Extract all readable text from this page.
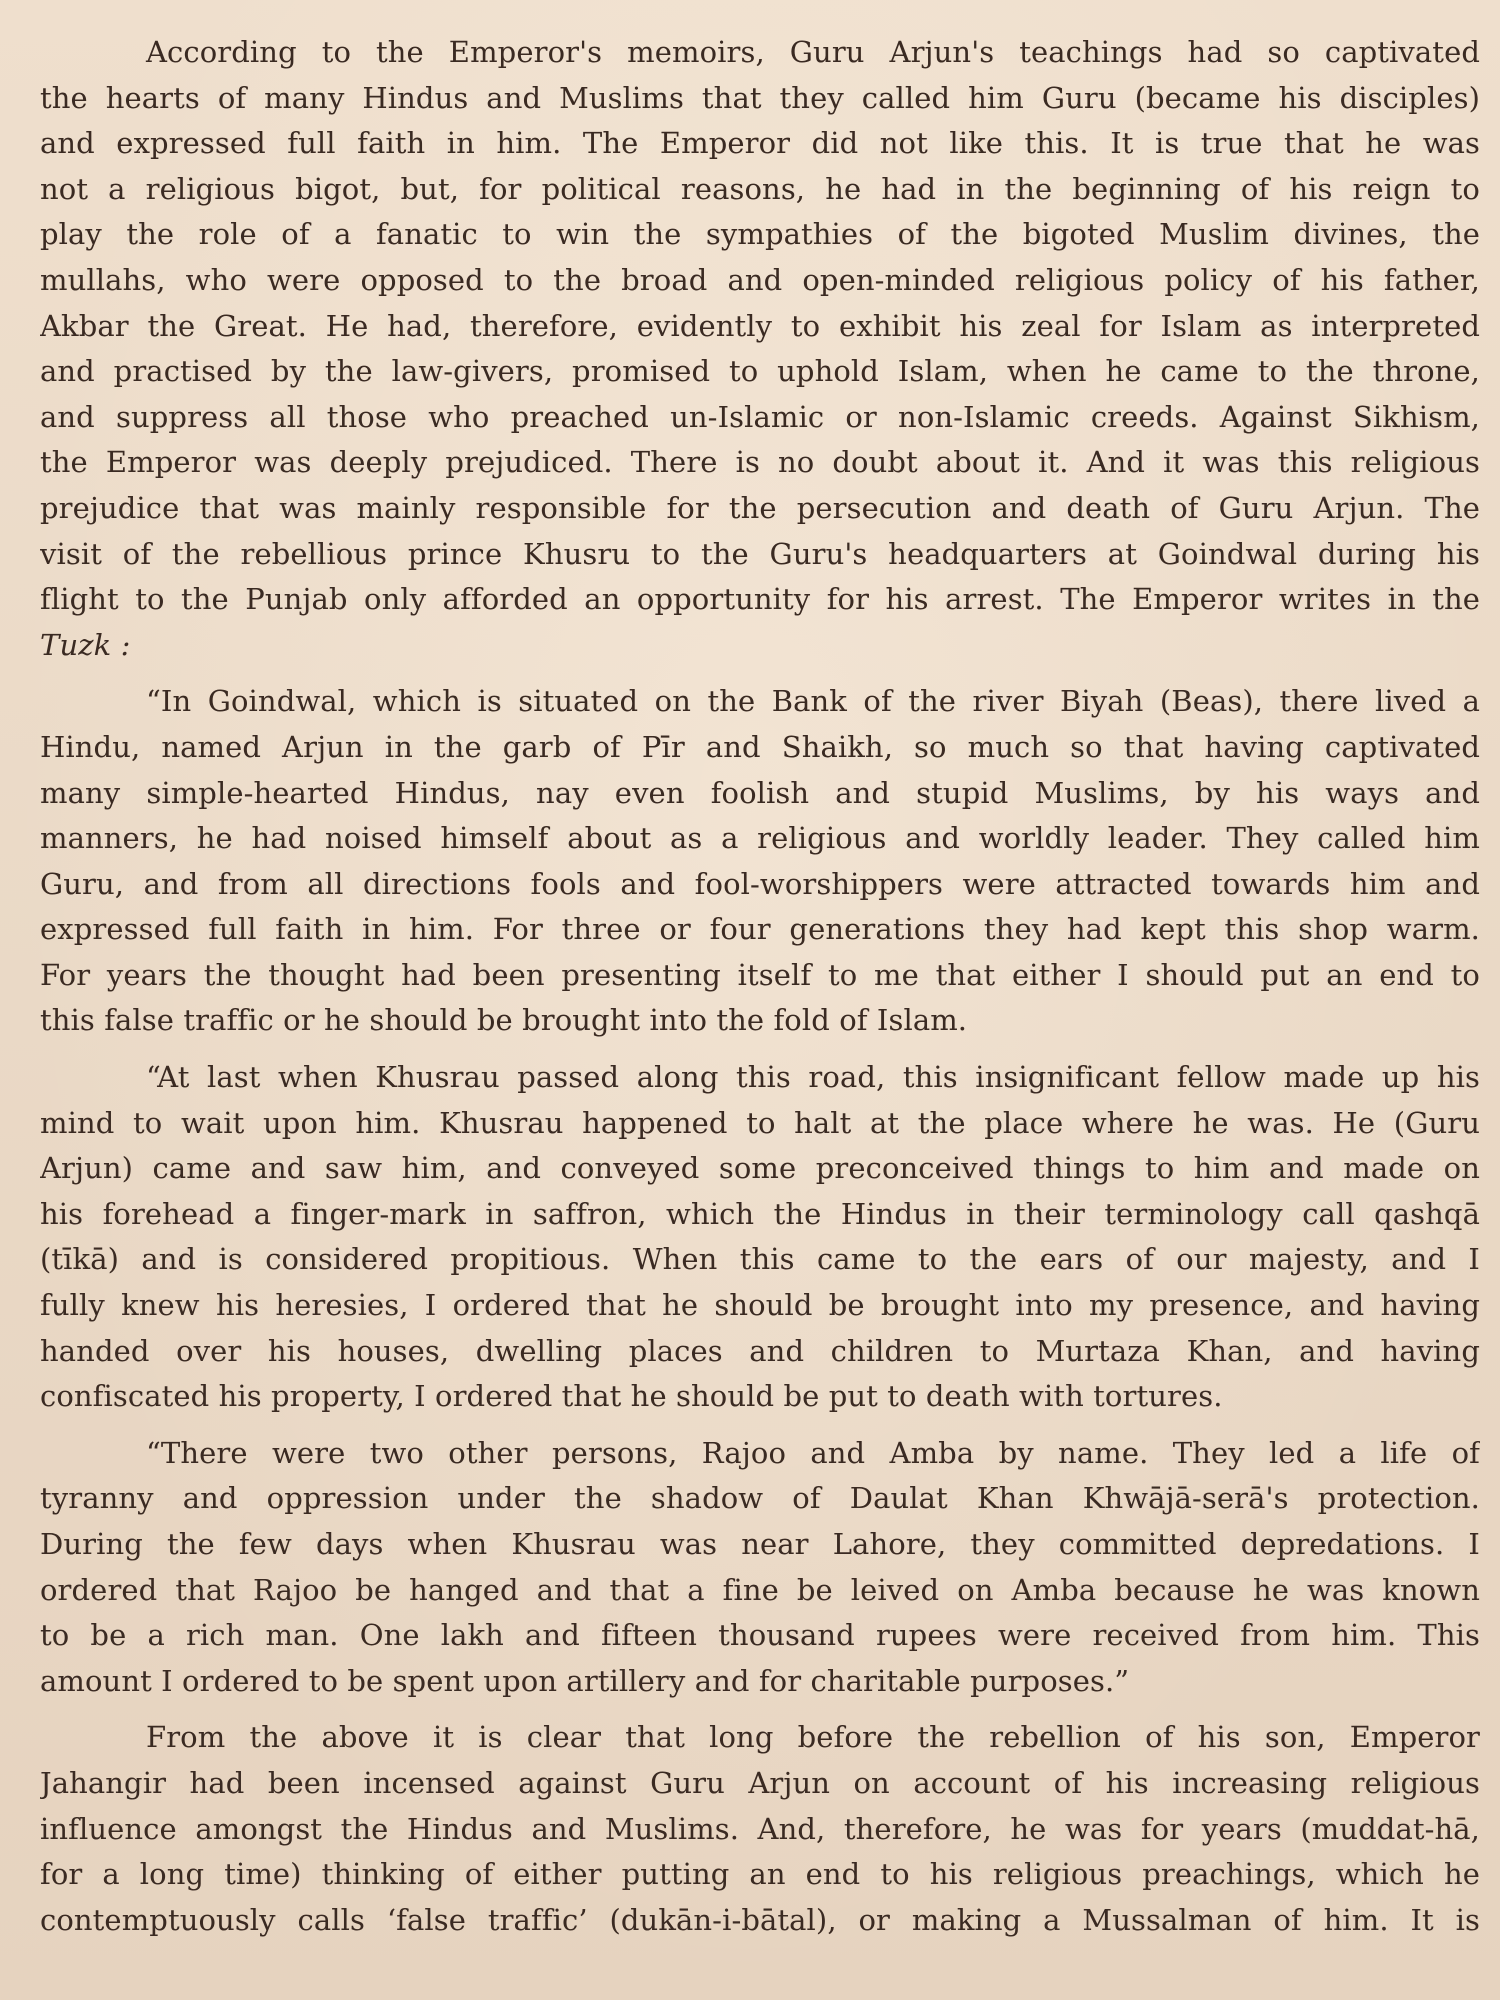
According to the Emperor's memoirs, Guru Arjun's teachings had so captivated
the hearts of many Hindus and Muslims that they called him Guru (became his disciples)
and expressed full faith in him. The Emperor did not like this. It is true that he was
not a religious bigot, but, for political reasons, he had in the beginning of his reign to
play the role of a fanatic to win the sympathies of the bigoted Muslim divines, the
mullahs, who were opposed to the broad and open-minded religious policy of his father,
Akbar the Great. He had, therefore, evidently to exhibit his zeal for Islam as interpreted
and practised by the law-givers, promised to uphold Islam, when he came to the throne,
and suppress all those who preached un-Islamic or non-Islamic creeds. Against Sikhism,
the Emperor was deeply prejudiced. There is no doubt about it. And it was this religious
prejudice that was mainly responsible for the persecution and death of Guru Arjun. The
visit of the rebellious prince Khusru to the Guru's headquarters at Goindwal during his
flight to the Punjab only afforded an opportunity for his arrest. The Emperor writes in the
Tuzk :
“In Goindwal, which is situated on the Bank of the river Biyah (Beas), there lived a
Hindu, named Arjun in the garb of Pīr and Shaikh, so much so that having captivated
many simple-hearted Hindus, nay even foolish and stupid Muslims, by his ways and
manners, he had noised himself about as a religious and worldly leader. They called him
Guru, and from all directions fools and fool-worshippers were attracted towards him and
expressed full faith in him. For three or four generations they had kept this shop warm.
For years the thought had been presenting itself to me that either I should put an end to
this false traffic or he should be brought into the fold of Islam.
“At last when Khusrau passed along this road, this insignificant fellow made up his
mind to wait upon him. Khusrau happened to halt at the place where he was. He (Guru
Arjun) came and saw him, and conveyed some preconceived things to him and made on
his forehead a finger-mark in saffron, which the Hindus in their terminology call qashqā
(tīkā) and is considered propitious. When this came to the ears of our majesty, and I
fully knew his heresies, I ordered that he should be brought into my presence, and having
handed over his houses, dwelling places and children to Murtaza Khan, and having
confiscated his property, I ordered that he should be put to death with tortures.
“There were two other persons, Rajoo and Amba by name. They led a life of
tyranny and oppression under the shadow of Daulat Khan Khwājā-serā's protection.
During the few days when Khusrau was near Lahore, they committed depredations. I
ordered that Rajoo be hanged and that a fine be leived on Amba because he was known
to be a rich man. One lakh and fifteen thousand rupees were received from him. This
amount I ordered to be spent upon artillery and for charitable purposes.”
From the above it is clear that long before the rebellion of his son, Emperor
Jahangir had been incensed against Guru Arjun on account of his increasing religious
influence amongst the Hindus and Muslims. And, therefore, he was for years (muddat-hā,
for a long time) thinking of either putting an end to his religious preachings, which he
contemptuously calls ‘false traffic’ (dukān-i-bātal), or making a Mussalman of him. It is
